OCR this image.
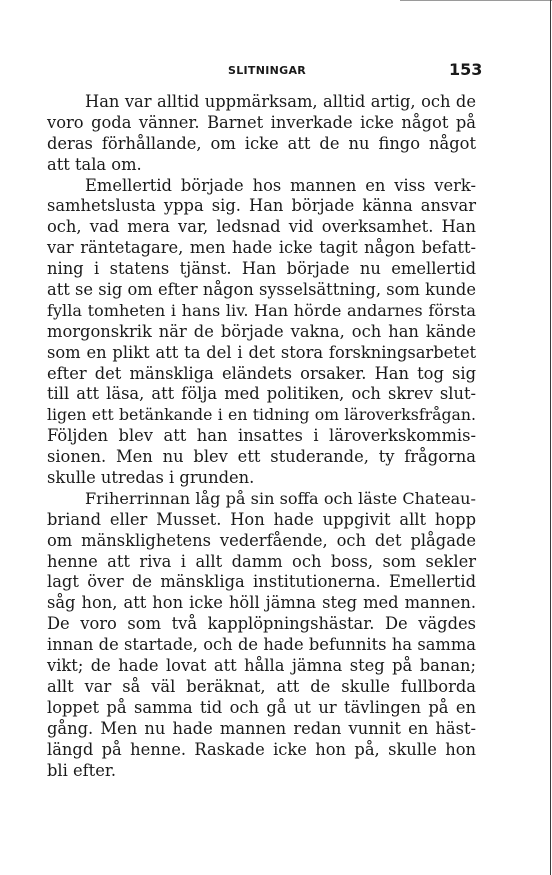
SLITNINGAR	153
Han var alltid uppmärksam, alltid artig, och de
voro goda vänner. Barnet inverkade icke något på
deras förhållande, om icke att de nu fingo något
att tala om.
Emellertid började hos mannen en viss verk-
samhetslusta yppa sig. Han började känna ansvar
och, vad mera var, ledsnad vid overksamhet. Han
var räntetagare, men hade icke tagit någon befatt-
ning i statens tjänst. Han började nu emellertid
att se sig om efter någon sysselsättning, som kunde
fylla tomheten i hans liv. Han hörde andarnes första
morgonskrik när de började vakna, och han kände
som en plikt att ta del i det stora forskningsarbetet
efter det mänskliga eländets orsaker. Han tog sig
till att läsa, att följa med politiken, och skrev slut-
ligen ett betänkande i en tidning om läroverksfrågan.
Följden blev att han insattes i läroverkskommis-
sionen. Men nu blev ett studerande, ty frågorna
skulle utredas i grunden.
Friherrinnan låg på sin soffa och läste Chateau-
briand eller Musset. Hon hade uppgivit allt hopp
om mänsklighetens vederfående, och det plågade
henne att riva i allt damm och boss, som sekler
lagt över de mänskliga institutionerna. Emellertid
såg hon, att hon icke höll jämna steg med mannen.
De voro som två kapplöpningshästar. De vägdes
innan de startade, och de hade befunnits ha samma
vikt; de hade lovat att hålla jämna steg på banan;
allt var så väl beräknat, att de skulle fullborda
loppet på samma tid och gå ut ur tävlingen på en
gång. Men nu hade mannen redan vunnit en häst-
längd på henne. Raskade icke hon på, skulle hon
bli efter.
